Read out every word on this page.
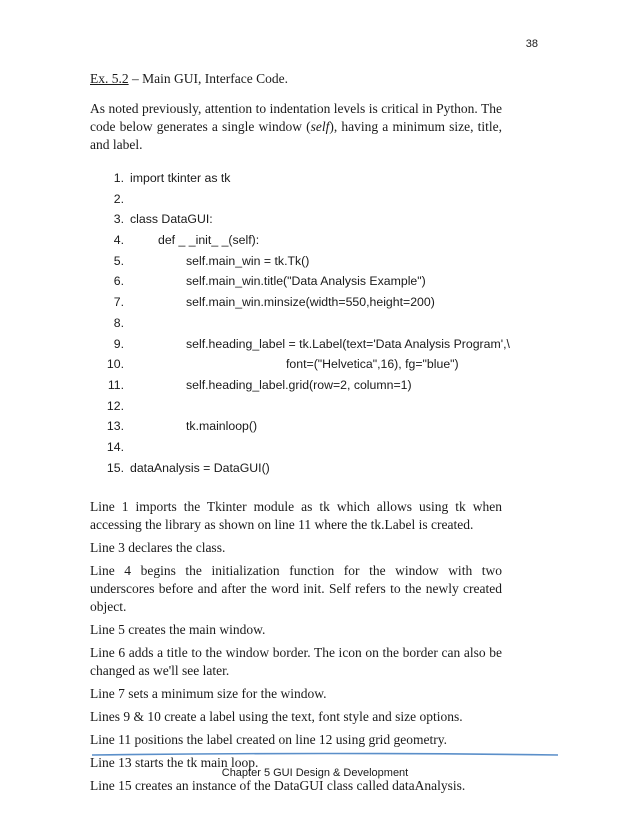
38

Ex. 5.2 – Main GUI, Interface Code.

As noted previously, attention to indentation levels is critical in Python. The code below generates a single window (self), having a minimum size, title, and label.

1. import tkinter as tk
2.
3. class DataGUI:
4.	def _ _init_ _(self):
5.	self.main_win = tk.Tk()
6.	self.main_win.title("Data Analysis Example")
7.	self.main_win.minsize(width=550,height=200)
8.
9.	self.heading_label = tk.Label(text='Data Analysis Program',\
10.	font=("Helvetica",16), fg="blue")
11.	self.heading_label.grid(row=2, column=1)
12.
13.	tk.mainloop()
14.
15. dataAnalysis = DataGUI()

Line 1 imports the Tkinter module as tk which allows using tk when accessing the library as shown on line 11 where the tk.Label is created.

Line 3 declares the class.

Line 4 begins the initialization function for the window with two underscores before and after the word init. Self refers to the newly created object.

Line 5 creates the main window.

Line 6 adds a title to the window border. The icon on the border can also be changed as we'll see later.

Line 7 sets a minimum size for the window.

Lines 9 & 10 create a label using the text, font style and size options.

Line 11 positions the label created on line 12 using grid geometry.

Line 13 starts the tk main loop.

Line 15 creates an instance of the DataGUI class called dataAnalysis.

Chapter 5 GUI Design & Development
